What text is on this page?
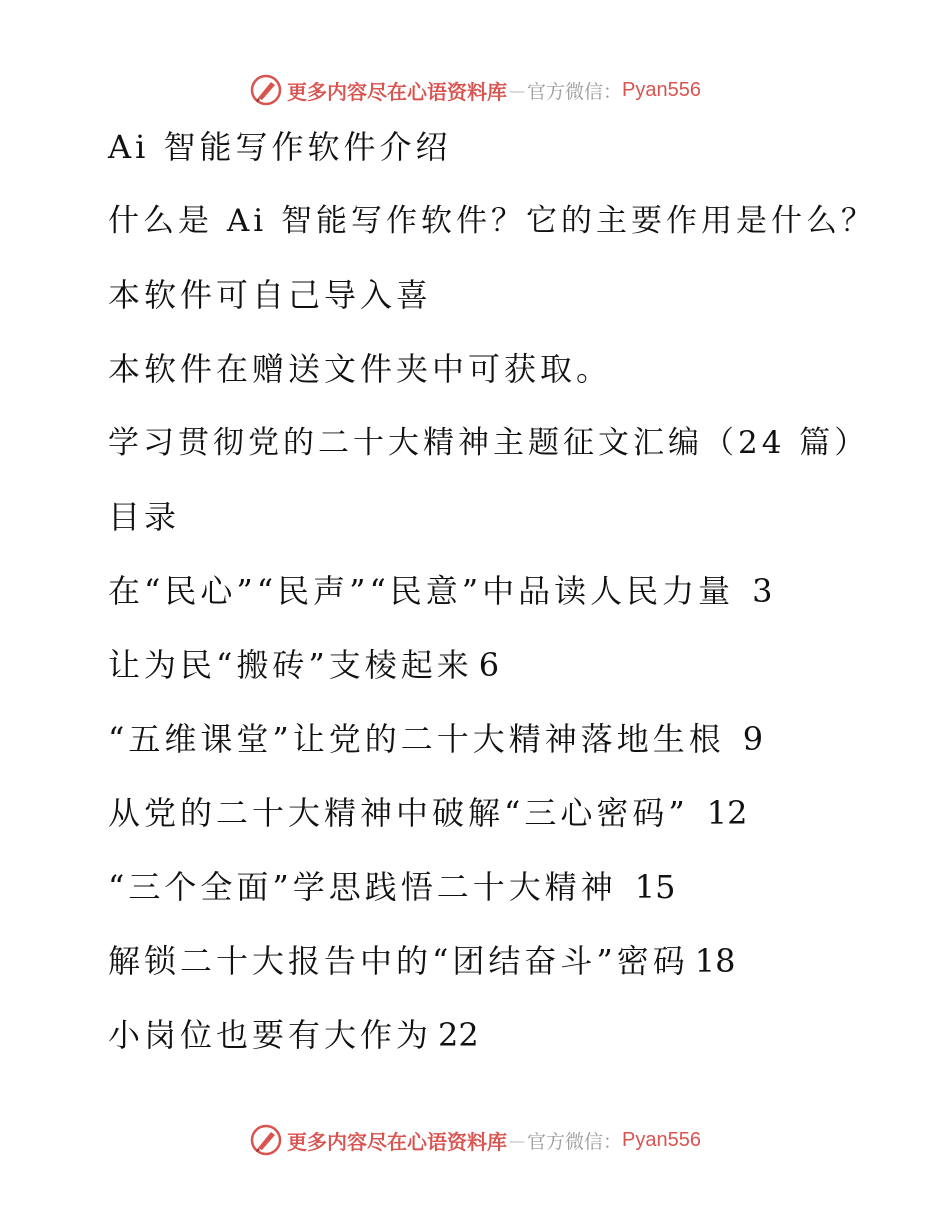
更多内容尽在心语资料库 — 官方微信： Pyan556
Ai 智能写作软件介绍
什么是 Ai 智能写作软件？它的主要作用是什么？
本软件可自己导入喜
本软件在赠送文件夹中可获取。
学习贯彻党的二十大精神主题征文汇编（24 篇）
目录
在“民心”“民声”“民意”中品读人民力量 3
让为民“搬砖”支棱起来 6
“五维课堂”让党的二十大精神落地生根 9
从党的二十大精神中破解“三心密码” 12
“三个全面”学思践悟二十大精神 15
解锁二十大报告中的“团结奋斗”密码 18
小岗位也要有大作为 22
更多内容尽在心语资料库 — 官方微信： Pyan556
